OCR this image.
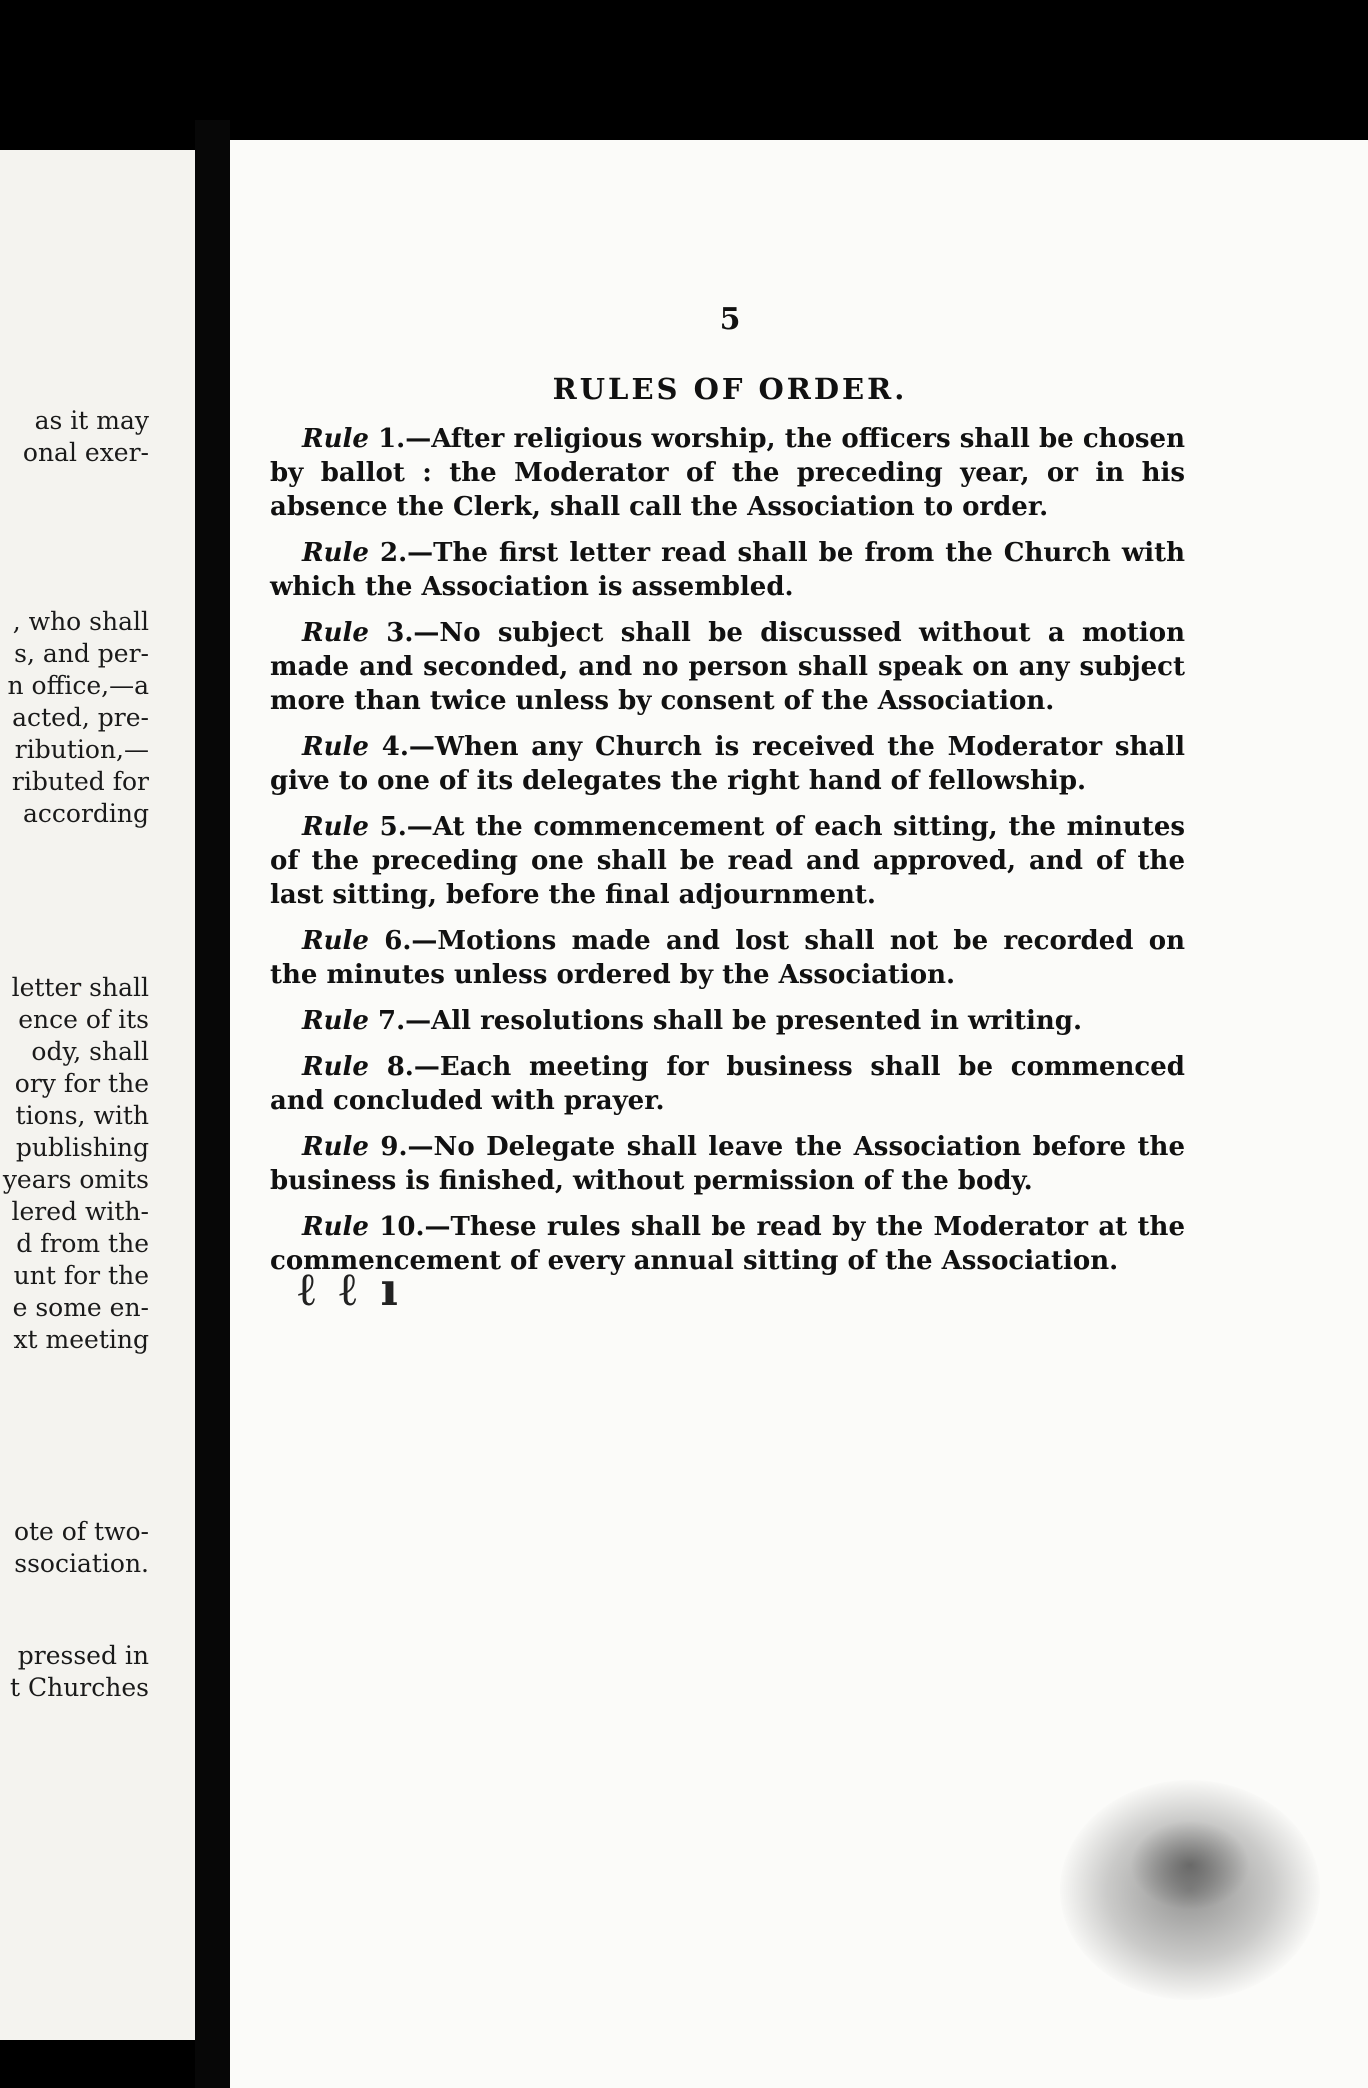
as it may
onal exer-
, who shall
s, and per-
n office,—a
acted, pre-
ribution,—
ributed for
according
letter shall
ence of its
ody, shall
ory for the
tions, with
publishing
years omits
lered with-
d from the
unt for the
e some en-
xt meeting
ote of two-
ssociation.
pressed in
t Churches
5
RULES OF ORDER.

Rule 1.—After religious worship, the officers shall be chosen by ballot : the Moderator of the preceding year, or in his absence the Clerk, shall call the Association to order.

Rule 2.—The first letter read shall be from the Church with which the Association is assembled.

Rule 3.—No subject shall be discussed without a motion made and seconded, and no person shall speak on any subject more than twice unless by consent of the Association.

Rule 4.—When any Church is received the Moderator shall give to one of its delegates the right hand of fellowship.

Rule 5.—At the commencement of each sitting, the minutes of the preceding one shall be read and approved, and of the last sitting, before the final adjournment.

Rule 6.—Motions made and lost shall not be recorded on the minutes unless ordered by the Association.

Rule 7.—All resolutions shall be presented in writing.

Rule 8.—Each meeting for business shall be commenced and concluded with prayer.

Rule 9.—No Delegate shall leave the Association before the business is finished, without permission of the body.

Rule 10.—These rules shall be read by the Moderator at the commencement of every annual sitting of the Association.

ℓ ℓ ı
